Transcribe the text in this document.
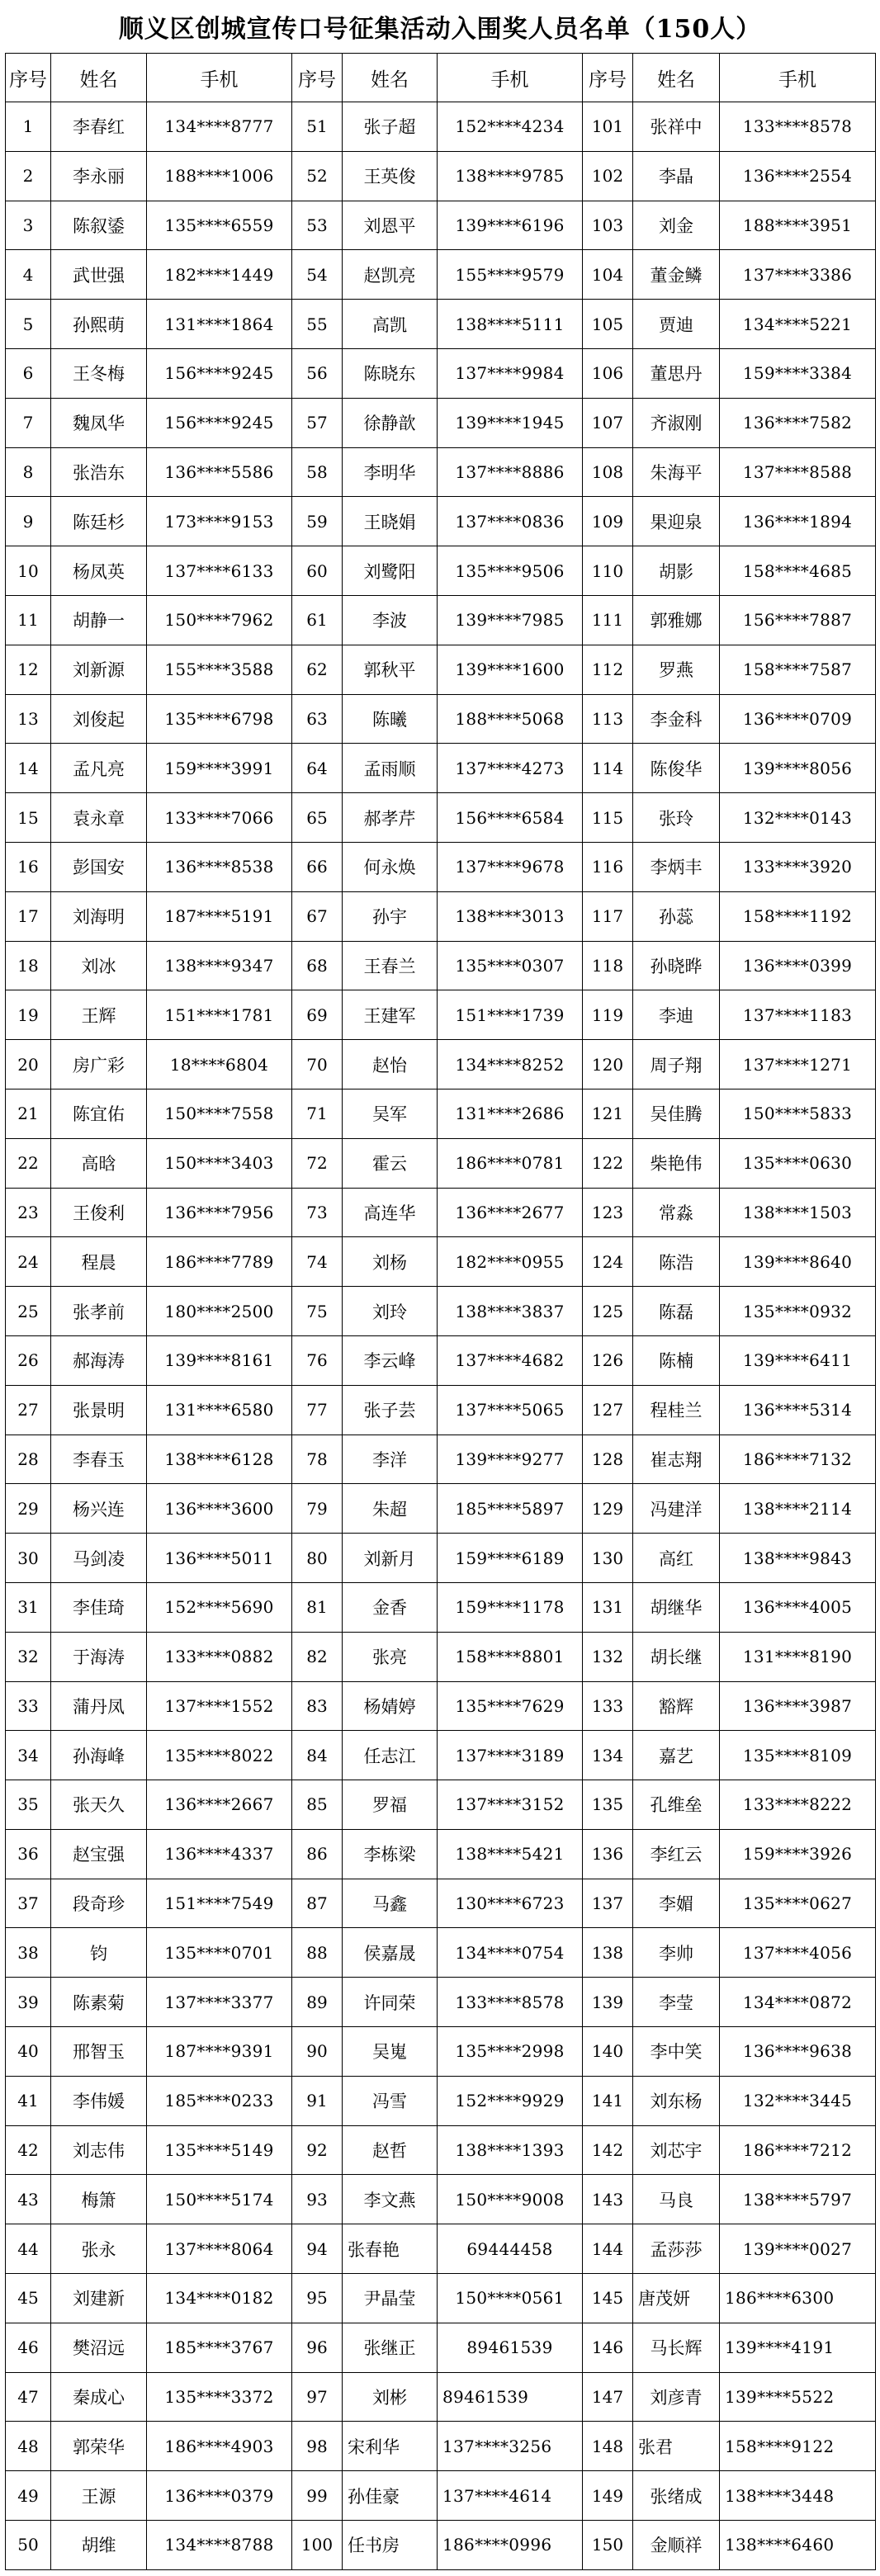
顺义区创城宣传口号征集活动入围奖人员名单（150人）
序号	姓名	手机	序号	姓名	手机	序号	姓名	手机
1	李春红	134****8777	51	张子超	152****4234	101	张祥中	133****8578
2	李永丽	188****1006	52	王英俊	138****9785	102	李晶	136****2554
3	陈叙鋈	135****6559	53	刘恩平	139****6196	103	刘金	188****3951
4	武世强	182****1449	54	赵凯亮	155****9579	104	董金鳞	137****3386
5	孙熙萌	131****1864	55	高凯	138****5111	105	贾迪	134****5221
6	王冬梅	156****9245	56	陈晓东	137****9984	106	董思丹	159****3384
7	魏凤华	156****9245	57	徐静歆	139****1945	107	齐淑刚	136****7582
8	张浩东	136****5586	58	李明华	137****8886	108	朱海平	137****8588
9	陈廷杉	173****9153	59	王晓娟	137****0836	109	果迎泉	136****1894
10	杨凤英	137****6133	60	刘鹭阳	135****9506	110	胡影	158****4685
11	胡静一	150****7962	61	李波	139****7985	111	郭雅娜	156****7887
12	刘新源	155****3588	62	郭秋平	139****1600	112	罗燕	158****7587
13	刘俊起	135****6798	63	陈曦	188****5068	113	李金科	136****0709
14	孟凡亮	159****3991	64	孟雨顺	137****4273	114	陈俊华	139****8056
15	袁永章	133****7066	65	郝孝芹	156****6584	115	张玲	132****0143
16	彭国安	136****8538	66	何永焕	137****9678	116	李炳丰	133****3920
17	刘海明	187****5191	67	孙宇	138****3013	117	孙蕊	158****1192
18	刘冰	138****9347	68	王春兰	135****0307	118	孙晓晔	136****0399
19	王辉	151****1781	69	王建军	151****1739	119	李迪	137****1183
20	房广彩	18****6804	70	赵怡	134****8252	120	周子翔	137****1271
21	陈宜佑	150****7558	71	吴军	131****2686	121	吴佳腾	150****5833
22	高晗	150****3403	72	霍云	186****0781	122	柴艳伟	135****0630
23	王俊利	136****7956	73	高连华	136****2677	123	常淼	138****1503
24	程晨	186****7789	74	刘杨	182****0955	124	陈浩	139****8640
25	张孝前	180****2500	75	刘玲	138****3837	125	陈磊	135****0932
26	郝海涛	139****8161	76	李云峰	137****4682	126	陈楠	139****6411
27	张景明	131****6580	77	张子芸	137****5065	127	程桂兰	136****5314
28	李春玉	138****6128	78	李洋	139****9277	128	崔志翔	186****7132
29	杨兴连	136****3600	79	朱超	185****5897	129	冯建洋	138****2114
30	马剑凌	136****5011	80	刘新月	159****6189	130	高红	138****9843
31	李佳琦	152****5690	81	金香	159****1178	131	胡继华	136****4005
32	于海涛	133****0882	82	张亮	158****8801	132	胡长继	131****8190
33	蒲丹凤	137****1552	83	杨婧婷	135****7629	133	豁辉	136****3987
34	孙海峰	135****8022	84	任志江	137****3189	134	嘉艺	135****8109
35	张天久	136****2667	85	罗福	137****3152	135	孔维垒	133****8222
36	赵宝强	136****4337	86	李栋梁	138****5421	136	李红云	159****3926
37	段奇珍	151****7549	87	马鑫	130****6723	137	李媚	135****0627
38	钧	135****0701	88	侯嘉晟	134****0754	138	李帅	137****4056
39	陈素菊	137****3377	89	许同荣	133****8578	139	李莹	134****0872
40	邢智玉	187****9391	90	吴嵬	135****2998	140	李中笑	136****9638
41	李伟媛	185****0233	91	冯雪	152****9929	141	刘东杨	132****3445
42	刘志伟	135****5149	92	赵哲	138****1393	142	刘芯宇	186****7212
43	梅箫	150****5174	93	李文燕	150****9008	143	马良	138****5797
44	张永	137****8064	94	张春艳	69444458	144	孟莎莎	139****0027
45	刘建新	134****0182	95	尹晶莹	150****0561	145	唐茂妍	186****6300
46	樊沼远	185****3767	96	张继正	89461539	146	马长辉	139****4191
47	秦成心	135****3372	97	刘彬	89461539	147	刘彦青	139****5522
48	郭荣华	186****4903	98	宋利华	137****3256	148	张君	158****9122
49	王源	136****0379	99	孙佳豪	137****4614	149	张绪成	138****3448
50	胡维	134****8788	100	任书房	186****0996	150	金顺祥	138****6460
